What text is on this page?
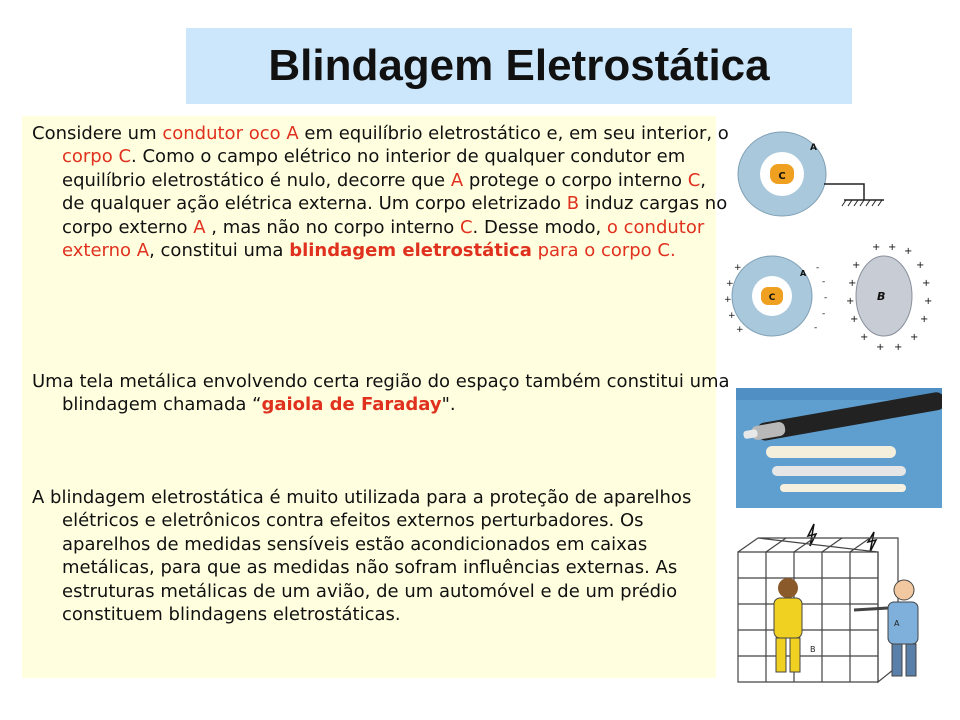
Blindagem Eletrostática
Considere um condutor oco A em equilíbrio eletrostático e, em seu interior, o corpo C. Como o campo elétrico no interior de qualquer condutor em equilíbrio eletrostático é nulo, decorre que A protege o corpo interno C, de qualquer ação elétrica externa. Um corpo eletrizado B induz cargas no corpo externo A , mas não no corpo interno C. Desse modo, o condutor externo A, constitui uma blindagem eletrostática para o corpo C.
Uma tela metálica envolvendo certa região do espaço também constitui uma blindagem chamada “gaiola de Faraday".
A blindagem eletrostática é muito utilizada para a proteção de aparelhos elétricos e eletrônicos contra efeitos externos perturbadores. Os aparelhos de medidas sensíveis estão acondicionados em caixas metálicas, para que as medidas não sofram influências externas. As estruturas metálicas de um avião, de um automóvel e de um prédio constituem blindagens eletrostáticas.
C
A
C
A
+
+
+
+
+
-
-
-
-
-
B
+ + +
+
+
+
+
+
+
+
+
+
+
+
+
B
A
